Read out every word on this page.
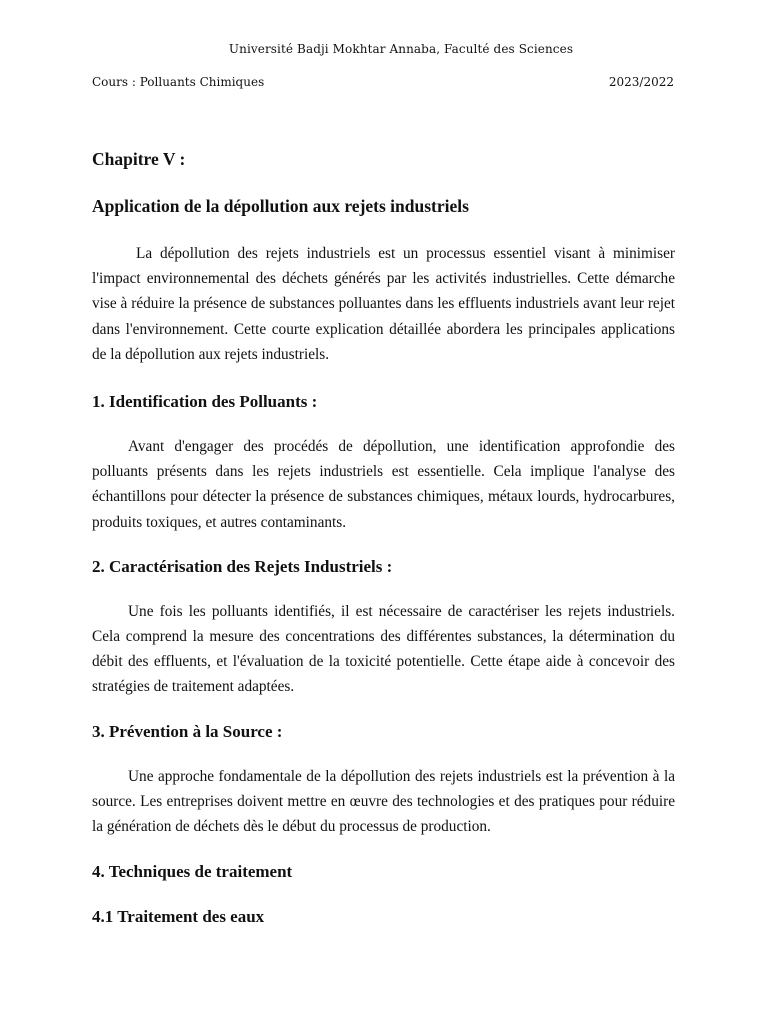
Université Badji Mokhtar Annaba, Faculté des Sciences
Cours : Polluants Chimiques	2023/2022
Chapitre V :
Application de la dépollution aux rejets industriels

La dépollution des rejets industriels est un processus essentiel visant à minimiser l'impact environnemental des déchets générés par les activités industrielles. Cette démarche vise à réduire la présence de substances polluantes dans les effluents industriels avant leur rejet dans l'environnement. Cette courte explication détaillée abordera les principales applications de la dépollution aux rejets industriels.

1. Identification des Polluants :

Avant d'engager des procédés de dépollution, une identification approfondie des polluants présents dans les rejets industriels est essentielle. Cela implique l'analyse des échantillons pour détecter la présence de substances chimiques, métaux lourds, hydrocarbures, produits toxiques, et autres contaminants.

2. Caractérisation des Rejets Industriels :

Une fois les polluants identifiés, il est nécessaire de caractériser les rejets industriels. Cela comprend la mesure des concentrations des différentes substances, la détermination du débit des effluents, et l'évaluation de la toxicité potentielle. Cette étape aide à concevoir des stratégies de traitement adaptées.

3. Prévention à la Source :

Une approche fondamentale de la dépollution des rejets industriels est la prévention à la source. Les entreprises doivent mettre en œuvre des technologies et des pratiques pour réduire la génération de déchets dès le début du processus de production.

4. Techniques de traitement
4.1 Traitement des eaux
